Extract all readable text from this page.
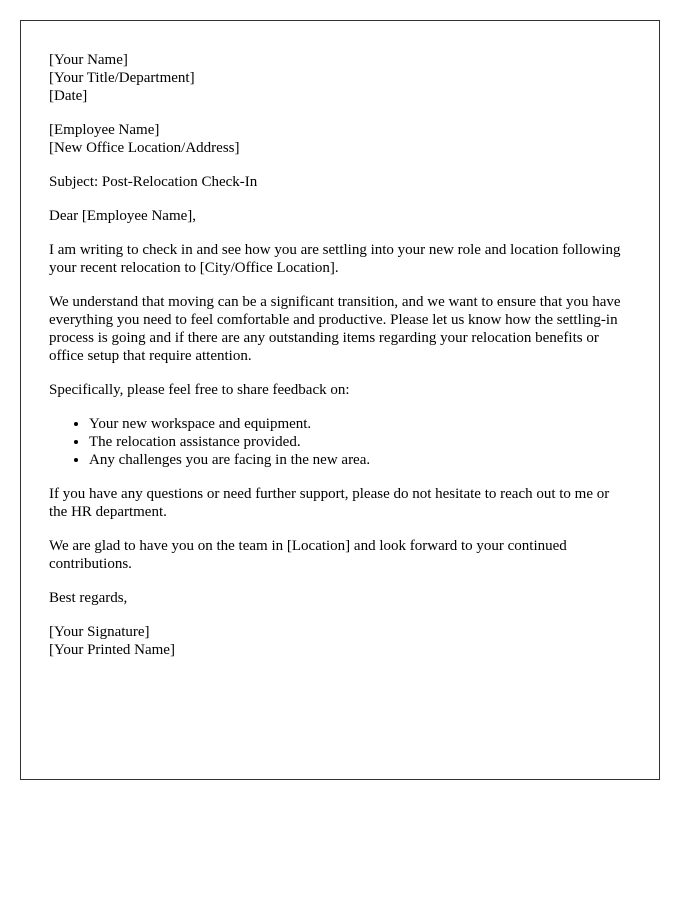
[Your Name]
[Your Title/Department]
[Date]
[Employee Name]
[New Office Location/Address]

Subject: Post-Relocation Check-In

Dear [Employee Name],

I am writing to check in and see how you are settling into your new role and location following your recent relocation to [City/Office Location].

We understand that moving can be a significant transition, and we want to ensure that you have everything you need to feel comfortable and productive. Please let us know how the settling-in process is going and if there are any outstanding items regarding your relocation benefits or office setup that require attention.

Specifically, please feel free to share feedback on:

• Your new workspace and equipment.
• The relocation assistance provided.
• Any challenges you are facing in the new area.

If you have any questions or need further support, please do not hesitate to reach out to me or the HR department.

We are glad to have you on the team in [Location] and look forward to your continued contributions.

Best regards,

[Your Signature]
[Your Printed Name]
